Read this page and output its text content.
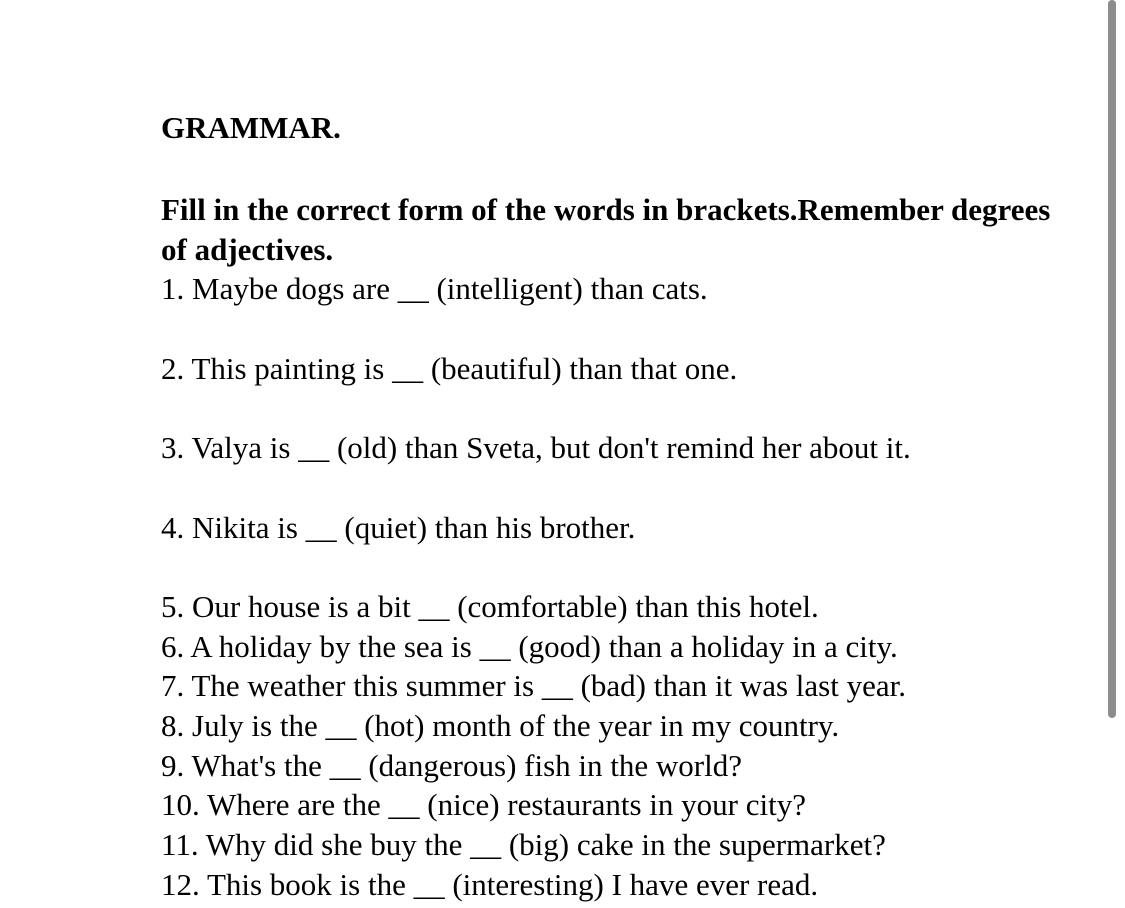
GRAMMAR.

Fill in the correct form of the words in brackets.Remember degrees of adjectives.

1. Maybe dogs are __ (intelligent) than cats.

2. This painting is __ (beautiful) than that one.

3. Valya is __ (old) than Sveta, but don't remind her about it.

4. Nikita is __ (quiet) than his brother.

5. Our house is a bit __ (comfortable) than this hotel.

6. A holiday by the sea is __ (good) than a holiday in a city.

7. The weather this summer is __ (bad) than it was last year.

8. July is the __ (hot) month of the year in my country.

9. What's the __ (dangerous) fish in the world?

10. Where are the __ (nice) restaurants in your city?

11. Why did she buy the __ (big) cake in the supermarket?

12. This book is the __ (interesting) I have ever read.
